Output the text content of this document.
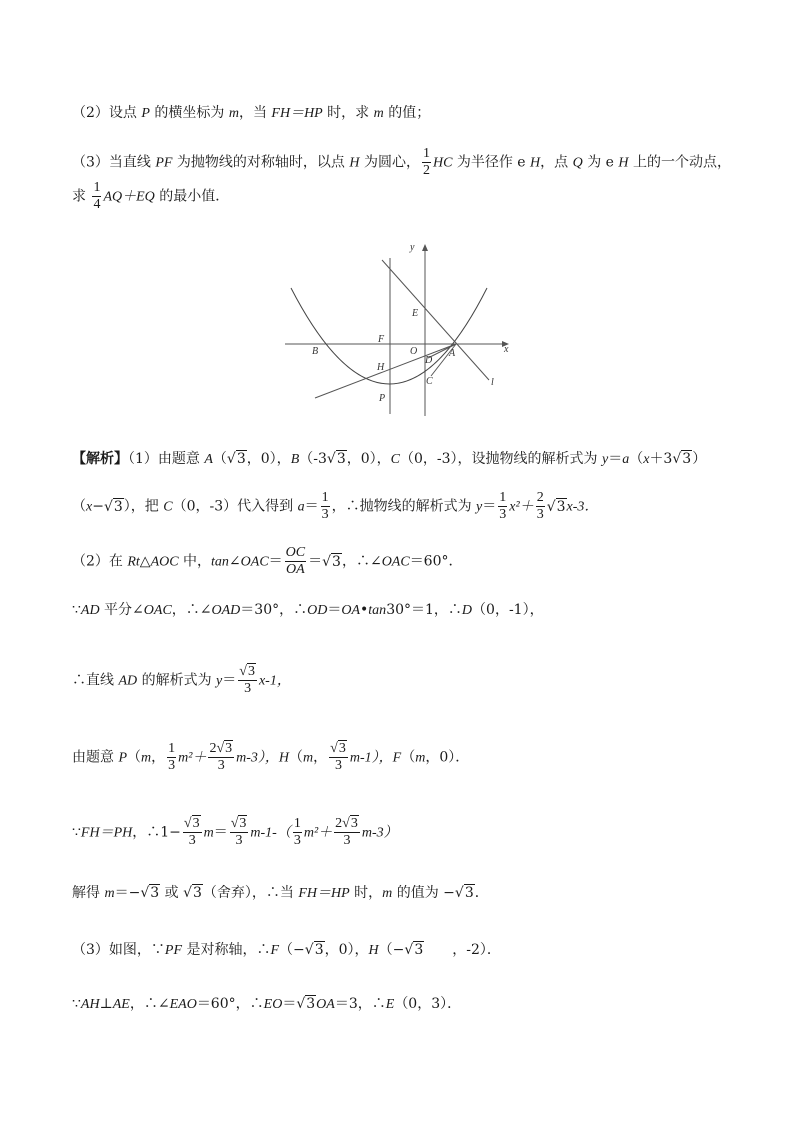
（2）设点 P 的横坐标为 m，当 FH＝HP 时，求 m 的值；
（3）当直线 PF 为抛物线的对称轴时，以点 H 为圆心， $\frac{1}{2}$ HC 为半径作 e H，点 Q 为 e H 上的一个动点，
求 $\frac{1}{4} AQ+EQ$ 的最小值．
y
x
E
F
O
B	A
D
H
C
P
l
【解析】（1）由题意 A（√3，0），B（-3√3，0），C（0，-3），设抛物线的解析式为 y＝a（x＋3√3）
（x−√3），把 C（0，-3）代入得到 $a= \frac{1}{3}$ ，∴抛物线的解析式为 $y= \frac{1}{3} x^2+ \frac{2}{3} √3x-3$．
（2）在 Rt△AOC 中，tan∠OAC＝ $\frac{OC}{OA} =√3$，∴∠OAC＝60°．
∵AD 平分∠OAC，∴∠OAD＝30°，∴OD＝OA•tan30°＝1，∴D（0，-1），
∴直线 AD 的解析式为 $y= \frac{√3}{3} x-1$，
由题意 P（m， $\frac{1}{3} m^2+ \frac{2√3}{3} m-3$），H（m， $\frac{√3}{3} m-1$），F（m，0）．
∵FH＝PH，∴1− $\frac{√3}{3} m= \frac{√3}{3} m-1-( \frac{1}{3} m^2+ \frac{2√3}{3} m-3)$
解得 m＝−√3 或 √3（舍弃），∴当 FH＝HP 时，m 的值为 −√3．
（3）如图，∵PF 是对称轴，∴F（−√3，0），H（−√3　　，-2）．
∵AH⊥AE，∴∠EAO＝60°，∴EO＝√3OA＝3，∴E（0，3）．
